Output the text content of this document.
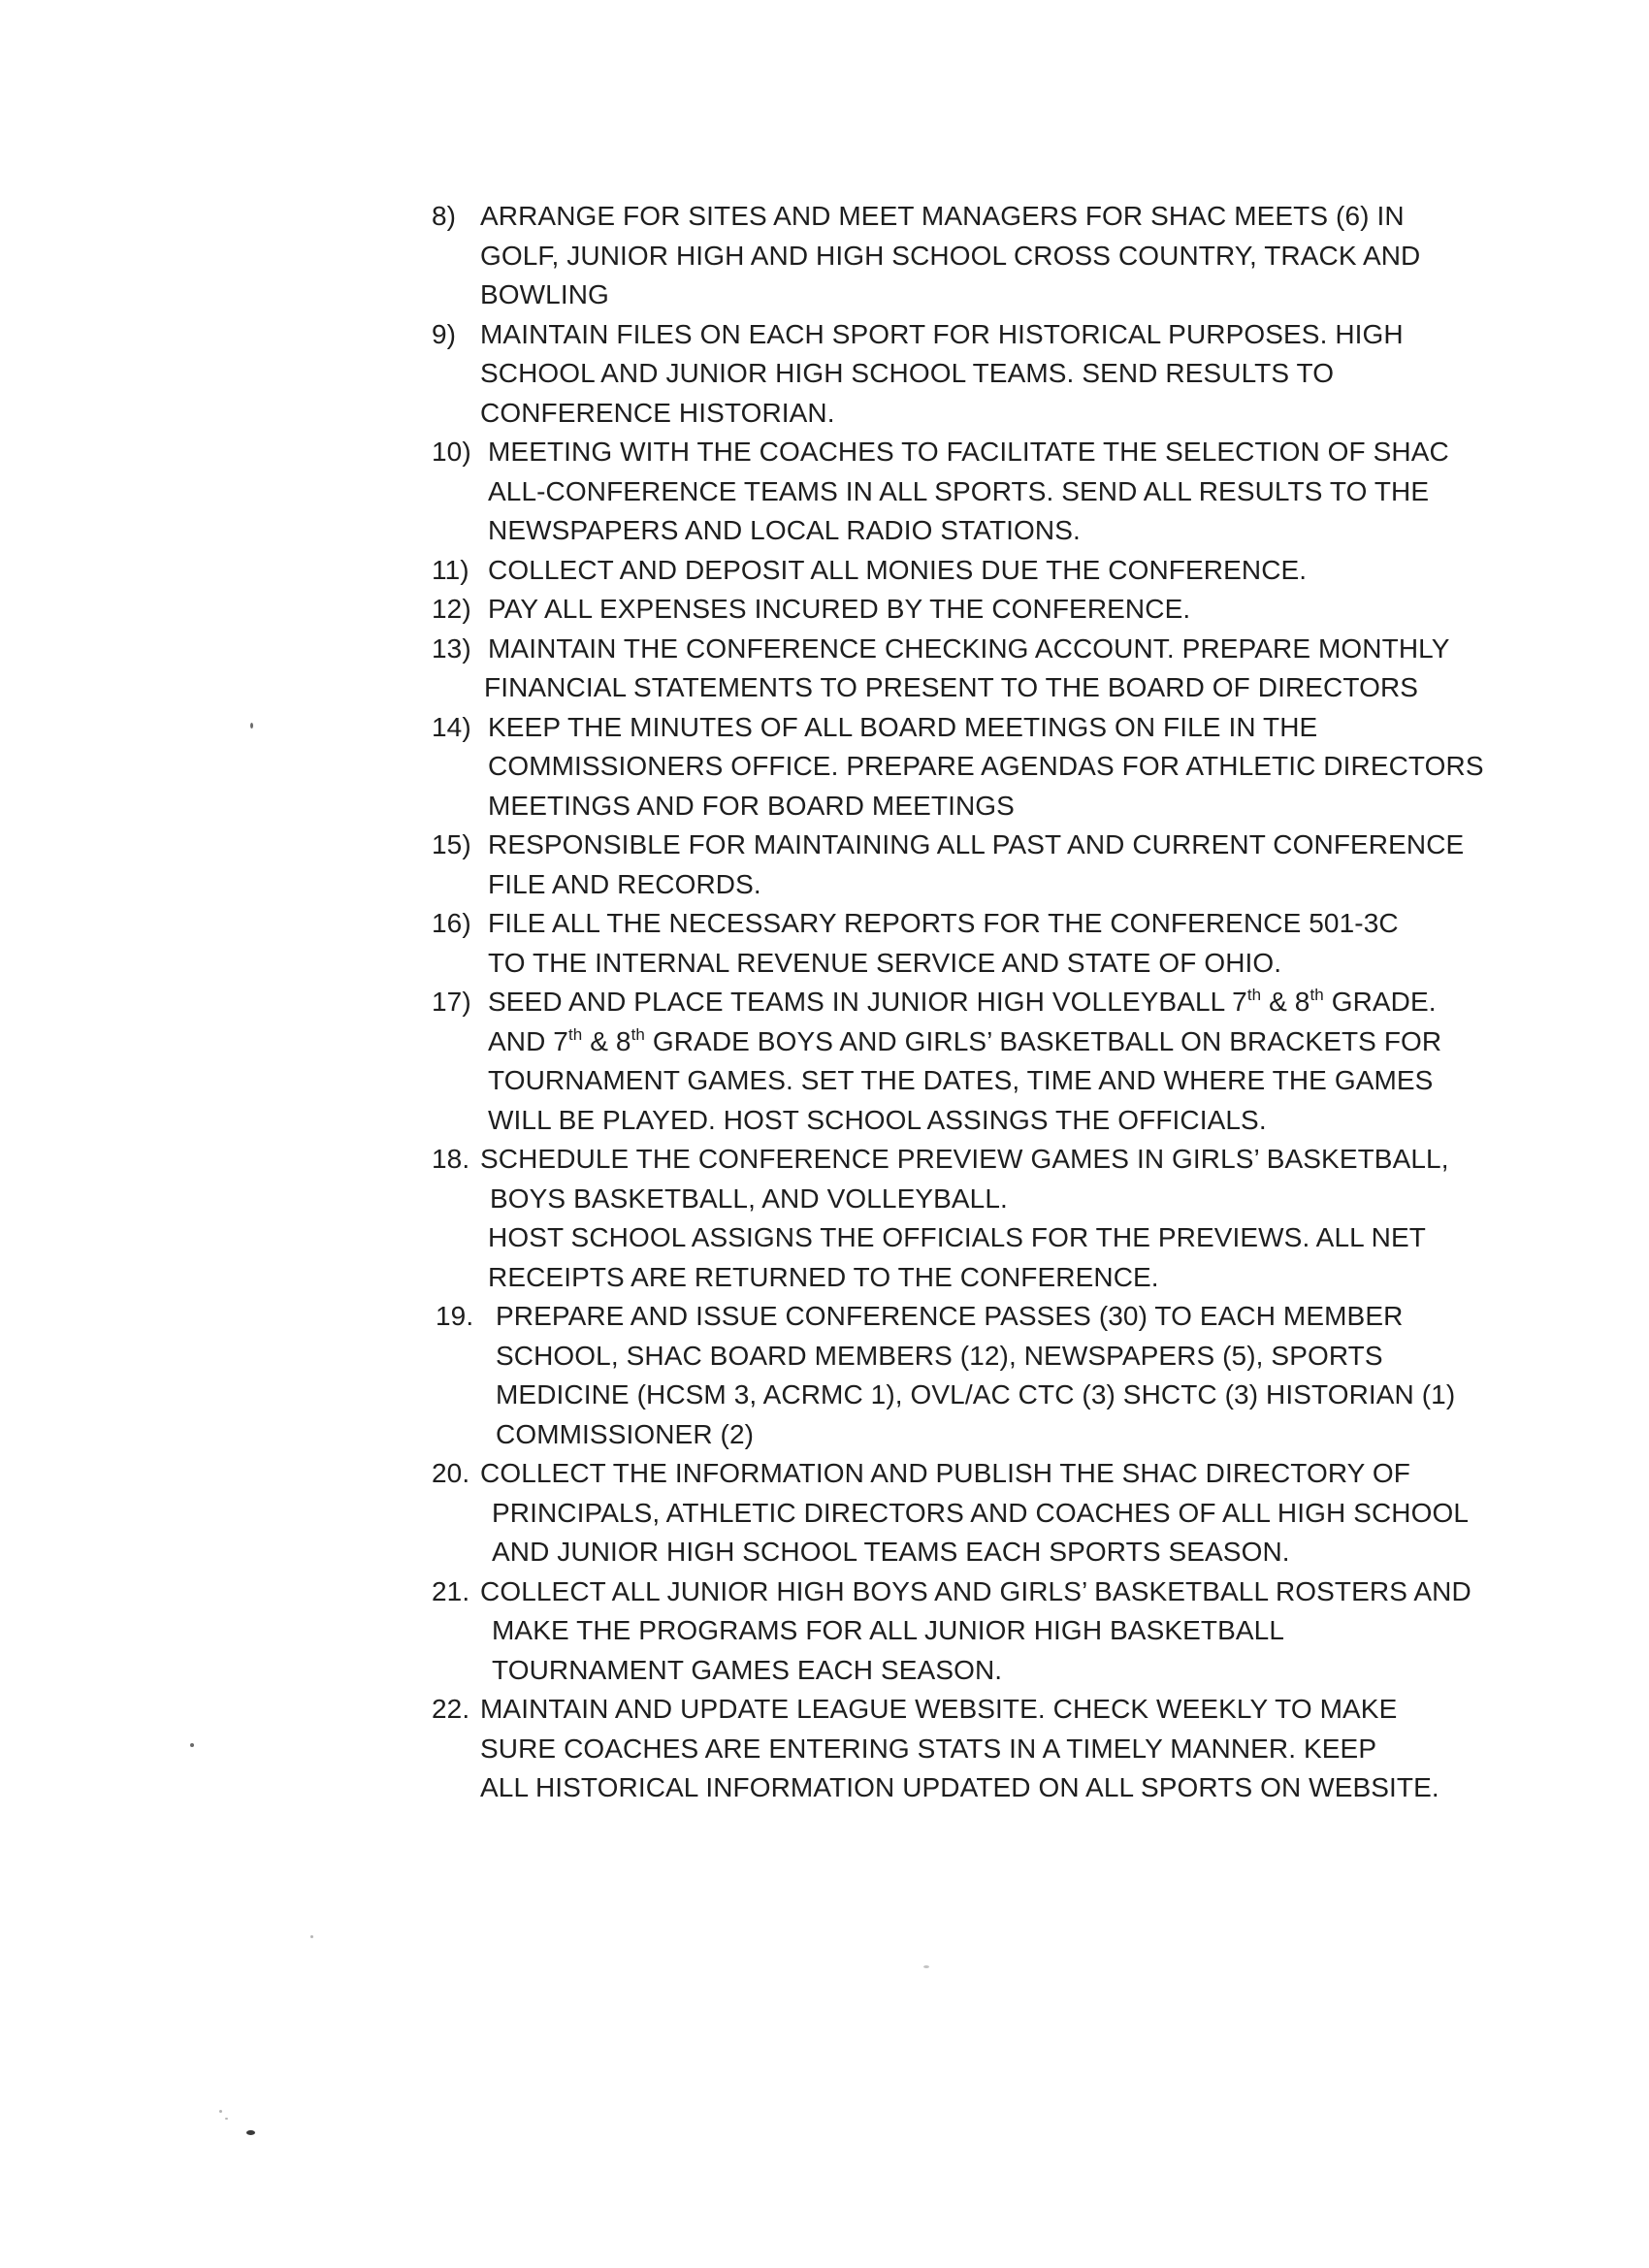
8) ARRANGE FOR SITES AND MEET MANAGERS FOR SHAC MEETS (6) IN
GOLF, JUNIOR HIGH AND HIGH SCHOOL CROSS COUNTRY, TRACK AND
BOWLING
9) MAINTAIN FILES ON EACH SPORT FOR HISTORICAL PURPOSES. HIGH
SCHOOL AND JUNIOR HIGH SCHOOL TEAMS. SEND RESULTS TO
CONFERENCE HISTORIAN.
10) MEETING WITH THE COACHES TO FACILITATE THE SELECTION OF SHAC
ALL-CONFERENCE TEAMS IN ALL SPORTS. SEND ALL RESULTS TO THE
NEWSPAPERS AND LOCAL RADIO STATIONS.
11) COLLECT AND DEPOSIT ALL MONIES DUE THE CONFERENCE.
12) PAY ALL EXPENSES INCURED BY THE CONFERENCE.
13) MAINTAIN THE CONFERENCE CHECKING ACCOUNT. PREPARE MONTHLY
FINANCIAL STATEMENTS TO PRESENT TO THE BOARD OF DIRECTORS
14) KEEP THE MINUTES OF ALL BOARD MEETINGS ON FILE IN THE
COMMISSIONERS OFFICE. PREPARE AGENDAS FOR ATHLETIC DIRECTORS
MEETINGS AND FOR BOARD MEETINGS
15) RESPONSIBLE FOR MAINTAINING ALL PAST AND CURRENT CONFERENCE
FILE AND RECORDS.
16) FILE ALL THE NECESSARY REPORTS FOR THE CONFERENCE 501-3C
TO THE INTERNAL REVENUE SERVICE AND STATE OF OHIO.
17) SEED AND PLACE TEAMS IN JUNIOR HIGH VOLLEYBALL 7th & 8th GRADE.
AND 7th & 8th GRADE BOYS AND GIRLS’ BASKETBALL ON BRACKETS FOR
TOURNAMENT GAMES. SET THE DATES, TIME AND WHERE THE GAMES
WILL BE PLAYED. HOST SCHOOL ASSINGS THE OFFICIALS.
18. SCHEDULE THE CONFERENCE PREVIEW GAMES IN GIRLS’ BASKETBALL,
BOYS BASKETBALL, AND VOLLEYBALL.
HOST SCHOOL ASSIGNS THE OFFICIALS FOR THE PREVIEWS. ALL NET
RECEIPTS ARE RETURNED TO THE CONFERENCE.
19. PREPARE AND ISSUE CONFERENCE PASSES (30) TO EACH MEMBER
SCHOOL, SHAC BOARD MEMBERS (12), NEWSPAPERS (5), SPORTS
MEDICINE (HCSM 3, ACRMC 1), OVL/AC CTC (3) SHCTC (3) HISTORIAN (1)
COMMISSIONER (2)
20. COLLECT THE INFORMATION AND PUBLISH THE SHAC DIRECTORY OF
PRINCIPALS, ATHLETIC DIRECTORS AND COACHES OF ALL HIGH SCHOOL
AND JUNIOR HIGH SCHOOL TEAMS EACH SPORTS SEASON.
21. COLLECT ALL JUNIOR HIGH BOYS AND GIRLS’ BASKETBALL ROSTERS AND
MAKE THE PROGRAMS FOR ALL JUNIOR HIGH BASKETBALL
TOURNAMENT GAMES EACH SEASON.
22. MAINTAIN AND UPDATE LEAGUE WEBSITE. CHECK WEEKLY TO MAKE
SURE COACHES ARE ENTERING STATS IN A TIMELY MANNER. KEEP
ALL HISTORICAL INFORMATION UPDATED ON ALL SPORTS ON WEBSITE.
